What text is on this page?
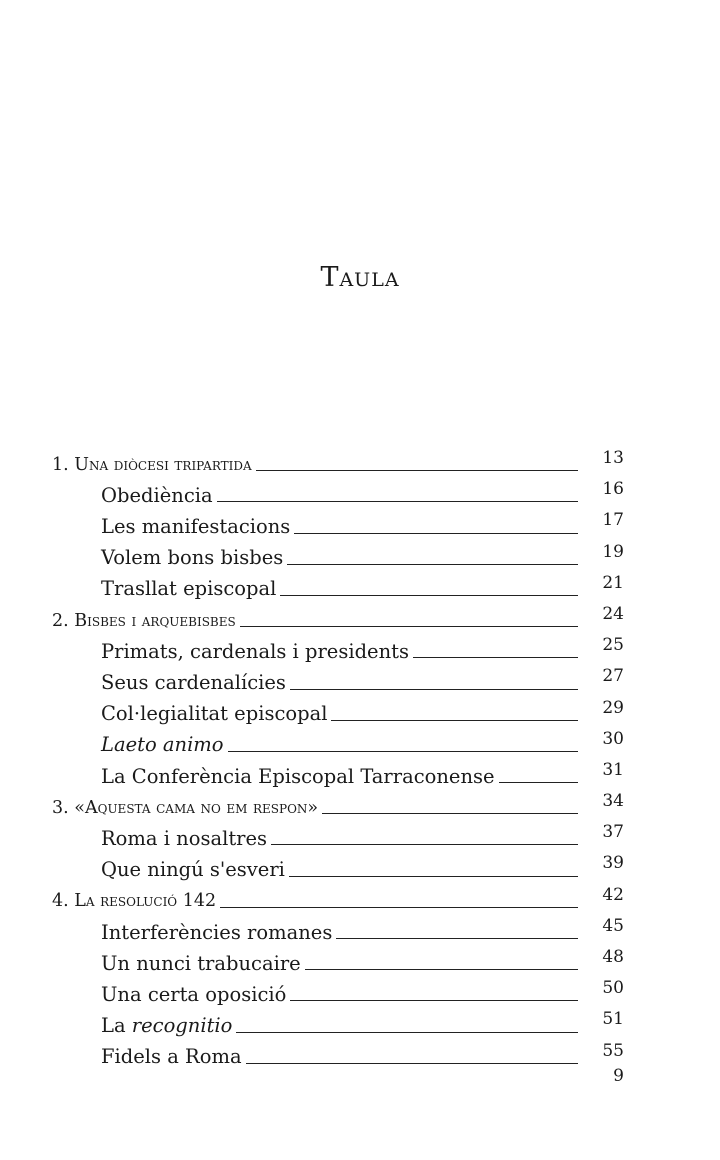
Taula
1. Una diòcesi tripartida	13
Obediència	16
Les manifestacions	17
Volem bons bisbes	19
Trasllat episcopal	21
2. Bisbes i arquebisbes	24
Primats, cardenals i presidents	25
Seus cardenalícies	27
Col·legialitat episcopal	29
Laeto animo	30
La Conferència Episcopal Tarraconense	31
3. «Aquesta cama no em respon»	34
Roma i nosaltres	37
Que ningú s'esveri	39
4. La resolució 142	42
Interferències romanes	45
Un nunci trabucaire	48
Una certa oposició	50
La recognitio	51
Fidels a Roma	55
9
